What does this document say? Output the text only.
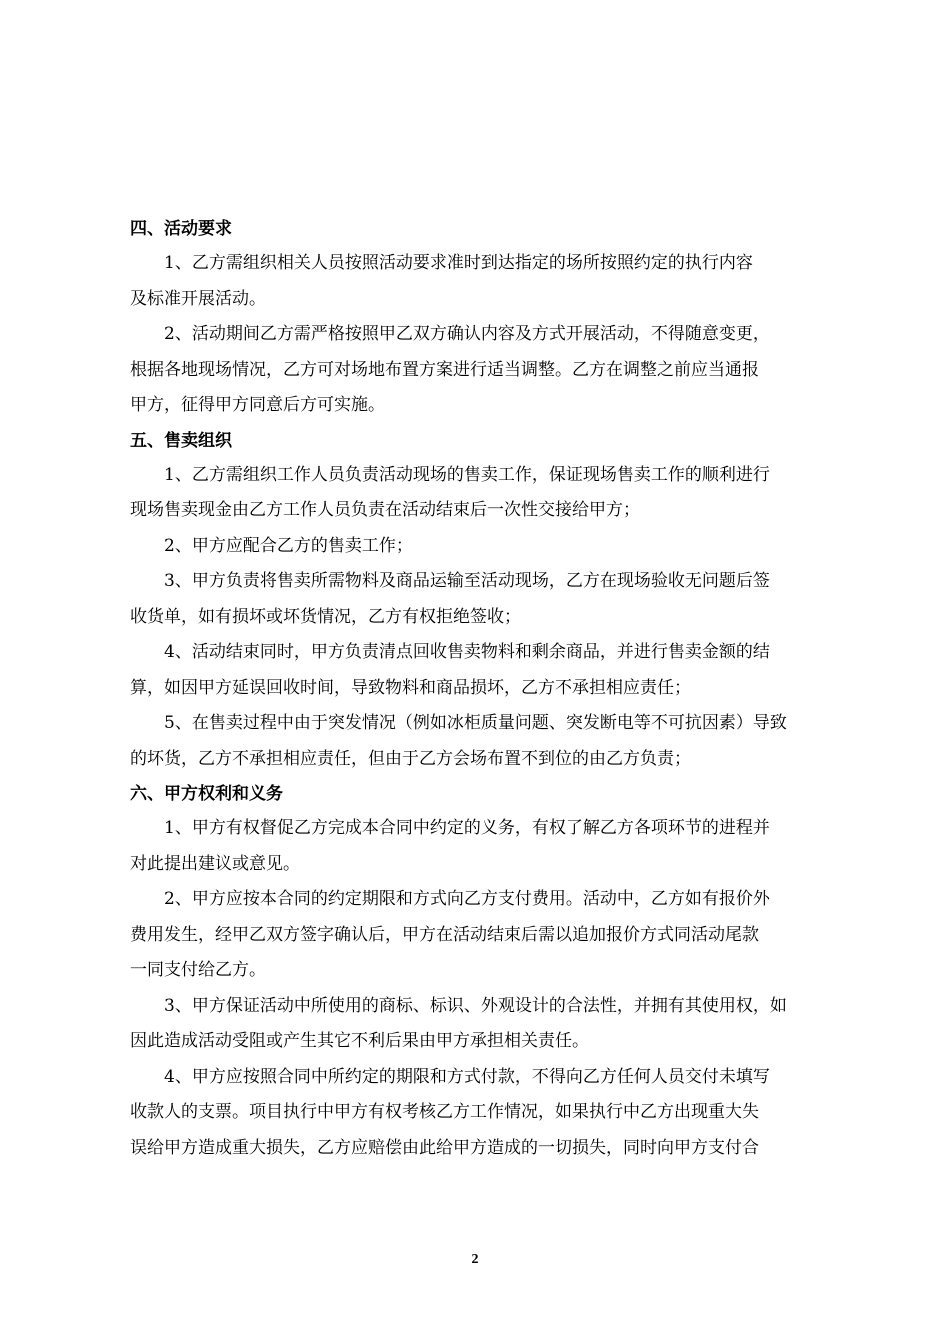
四、活动要求
1、乙方需组织相关人员按照活动要求准时到达指定的场所按照约定的执行内容
及标准开展活动。
2、活动期间乙方需严格按照甲乙双方确认内容及方式开展活动，不得随意变更，
根据各地现场情况，乙方可对场地布置方案进行适当调整。乙方在调整之前应当通报
甲方，征得甲方同意后方可实施。
五、售卖组织
1、乙方需组织工作人员负责活动现场的售卖工作，保证现场售卖工作的顺利进行
现场售卖现金由乙方工作人员负责在活动结束后一次性交接给甲方；
2、甲方应配合乙方的售卖工作；
3、甲方负责将售卖所需物料及商品运输至活动现场，乙方在现场验收无问题后签
收货单，如有损坏或坏货情况，乙方有权拒绝签收；
4、活动结束同时，甲方负责清点回收售卖物料和剩余商品，并进行售卖金额的结
算，如因甲方延误回收时间，导致物料和商品损坏，乙方不承担相应责任；
5、在售卖过程中由于突发情况（例如冰柜质量问题、突发断电等不可抗因素）导致
的坏货，乙方不承担相应责任，但由于乙方会场布置不到位的由乙方负责；
六、甲方权利和义务
1、甲方有权督促乙方完成本合同中约定的义务，有权了解乙方各项环节的进程并
对此提出建议或意见。
2、甲方应按本合同的约定期限和方式向乙方支付费用。活动中，乙方如有报价外
费用发生，经甲乙双方签字确认后，甲方在活动结束后需以追加报价方式同活动尾款
一同支付给乙方。
3、甲方保证活动中所使用的商标、标识、外观设计的合法性，并拥有其使用权，如
因此造成活动受阻或产生其它不利后果由甲方承担相关责任。
4、甲方应按照合同中所约定的期限和方式付款，不得向乙方任何人员交付未填写
收款人的支票。项目执行中甲方有权考核乙方工作情况，如果执行中乙方出现重大失
误给甲方造成重大损失，乙方应赔偿由此给甲方造成的一切损失，同时向甲方支付合
2
